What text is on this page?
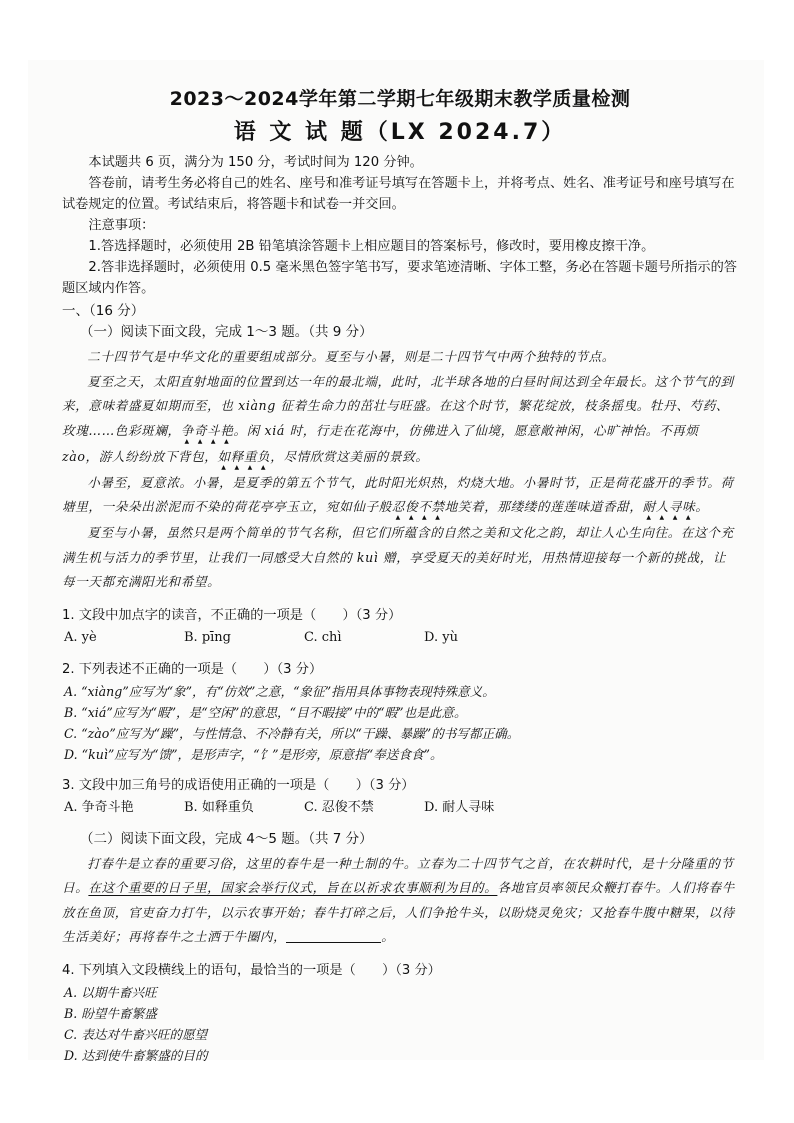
2023～2024学年第二学期七年级期末教学质量检测
语 文 试 题（LX 2024.7）

本试题共 6 页，满分为 150 分，考试时间为 120 分钟。

答卷前，请考生务必将自己的姓名、座号和准考证号填写在答题卡上，并将考点、姓名、准考证号和座号填写在试卷规定的位置。考试结束后，将答题卡和试卷一并交回。

注意事项：

1.答选择题时，必须使用 2B 铅笔填涂答题卡上相应题目的答案标号，修改时，要用橡皮擦干净。

2.答非选择题时，必须使用 0.5 毫米黑色签字笔书写，要求笔迹清晰、字体工整，务必在答题卡题号所指示的答题区域内作答。

一、（16 分）
（一）阅读下面文段，完成 1～3 题。（共 9 分）

二十四节气是中华文化的重要组成部分。夏至与小暑，则是二十四节气中两个独特的节点。

夏至之天，太阳直射地面的位置到达一年的最北端，此时，北半球各地的白昼时间达到全年最长。这个节气的到来，意味着盛夏如期而至，也 xiàng 征着生命力的茁壮与旺盛。在这个时节，繁花绽放，枝条摇曳。牡丹、芍药、玫瑰……色彩斑斓，争奇斗艳。闲 xiá 时，行走在花海中，仿佛进入了仙境，愿意敞神闲，心旷神怡。不再烦 zào，游人纷纷放下背包，如释重负，尽情欣赏这美丽的景致。

小暑至，夏意浓。小暑，是夏季的第五个节气，此时阳光炽热，灼烧大地。小暑时节，正是荷花盛开的季节。荷塘里，一朵朵出淤泥而不染的荷花亭亭玉立，宛如仙子般忍俊不禁地笑着，那缕缕的莲莲味道香甜，耐人寻味。

夏至与小暑，虽然只是两个简单的节气名称，但它们所蕴含的自然之美和文化之韵，却让人心生向往。在这个充满生机与活力的季节里，让我们一同感受大自然的 kuì 赠，享受夏天的美好时光，用热情迎接每一个新的挑战，让每一天都充满阳光和希望。

1. 文段中加点字的读音，不正确的一项是（　　）（3 分）

A. yè	B. pīng	C. chì	D. yù

2. 下列表述不正确的一项是（　　）（3 分）

A. “xiàng”应写为“象”，有“仿效”之意，“象征”指用具体事物表现特殊意义。

B. “xiá”应写为“暇”，是“空闲”的意思，“目不暇接”中的“暇”也是此意。

C. “zào”应写为“躁”，与性情急、不冷静有关，所以“干躁、暴躁”的书写都正确。

D. “kuì”应写为“馈”，是形声字，“饣”是形旁，原意指“奉送食食”。

3. 文段中加三角号的成语使用正确的一项是（　　）（3 分）

A. 争奇斗艳	B. 如释重负	C. 忍俊不禁	D. 耐人寻味
（二）阅读下面文段，完成 4～5 题。（共 7 分）

打春牛是立春的重要习俗，这里的春牛是一种土制的牛。立春为二十四节气之首，在农耕时代，是十分隆重的节日。在这个重要的日子里，国家会举行仪式，旨在以祈求农事顺利为目的。各地官员率领民众鞭打春牛。人们将春牛放在鱼顶，官吏奋力打牛，以示农事开始；春牛打碎之后，人们争抢牛头，以盼烧灵免灾；又抢春牛腹中糖果，以待生活美好；再将春牛之土洒于牛圈内，	。

4. 下列填入文段横线上的语句，最恰当的一项是（　　）（3 分）

A. 以期牛畜兴旺

B. 盼望牛畜繁盛

C. 表达对牛畜兴旺的愿望

D. 达到使牛畜繁盛的目的
